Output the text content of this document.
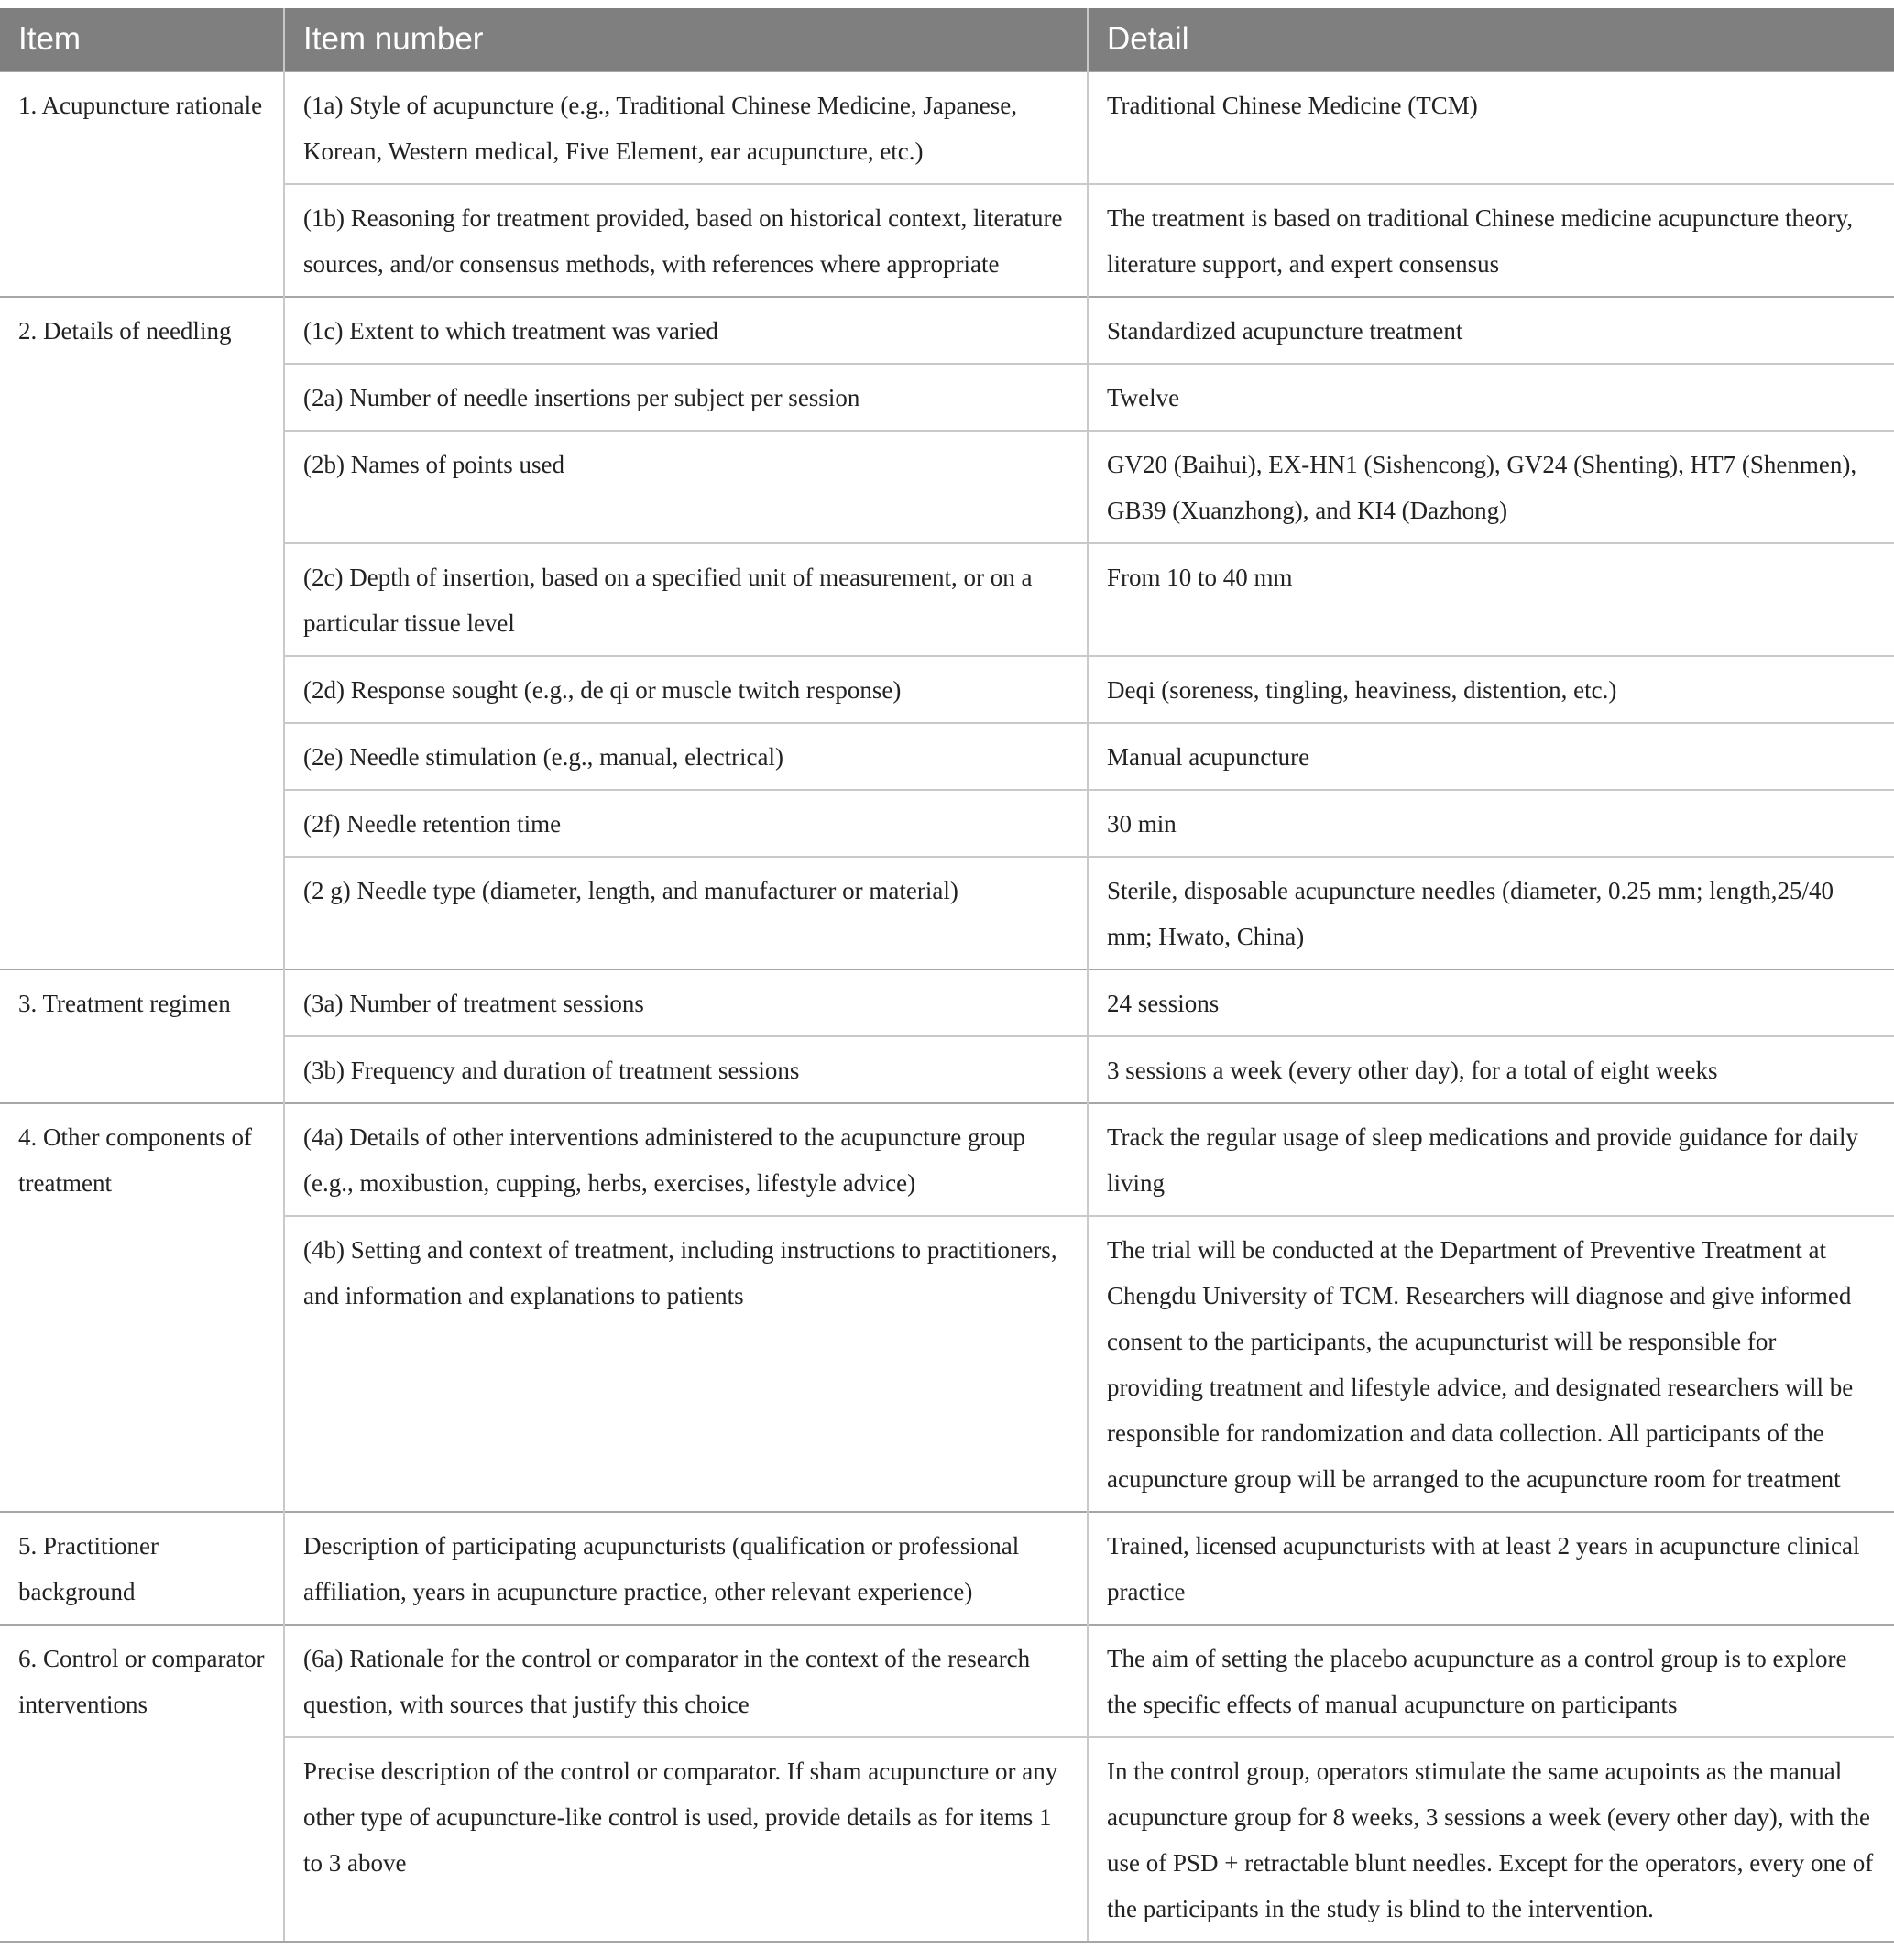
Item	Item number	Detail
1. Acupuncture rationale	(1a) Style of acupuncture (e.g., Traditional Chinese Medicine, Japanese, Korean, Western medical, Five Element, ear acupuncture, etc.)	Traditional Chinese Medicine (TCM)
	(1b) Reasoning for treatment provided, based on historical context, literature sources, and/or consensus methods, with references where appropriate	The treatment is based on traditional Chinese medicine acupuncture theory, literature support, and expert consensus
2. Details of needling	(1c) Extent to which treatment was varied	Standardized acupuncture treatment
	(2a) Number of needle insertions per subject per session	Twelve
	(2b) Names of points used	GV20 (Baihui), EX-HN1 (Sishencong), GV24 (Shenting), HT7 (Shenmen), GB39 (Xuanzhong), and KI4 (Dazhong)
	(2c) Depth of insertion, based on a specified unit of measurement, or on a particular tissue level	From 10 to 40 mm
	(2d) Response sought (e.g., de qi or muscle twitch response)	Deqi (soreness, tingling, heaviness, distention, etc.)
	(2e) Needle stimulation (e.g., manual, electrical)	Manual acupuncture
	(2f) Needle retention time	30 min
	(2 g) Needle type (diameter, length, and manufacturer or material)	Sterile, disposable acupuncture needles (diameter, 0.25 mm; length,25/40 mm; Hwato, China)
3. Treatment regimen	(3a) Number of treatment sessions	24 sessions
	(3b) Frequency and duration of treatment sessions	3 sessions a week (every other day), for a total of eight weeks
4. Other components of treatment	(4a) Details of other interventions administered to the acupuncture group (e.g., moxibustion, cupping, herbs, exercises, lifestyle advice)	Track the regular usage of sleep medications and provide guidance for daily living
	(4b) Setting and context of treatment, including instructions to practitioners, and information and explanations to patients	The trial will be conducted at the Department of Preventive Treatment at Chengdu University of TCM. Researchers will diagnose and give informed consent to the participants, the acupuncturist will be responsible for providing treatment and lifestyle advice, and designated researchers will be responsible for randomization and data collection. All participants of the acupuncture group will be arranged to the acupuncture room for treatment
5. Practitioner background	Description of participating acupuncturists (qualification or professional affiliation, years in acupuncture practice, other relevant experience)	Trained, licensed acupuncturists with at least 2 years in acupuncture clinical practice
6. Control or comparator interventions	(6a) Rationale for the control or comparator in the context of the research question, with sources that justify this choice	The aim of setting the placebo acupuncture as a control group is to explore the specific effects of manual acupuncture on participants
	Precise description of the control or comparator. If sham acupuncture or any other type of acupuncture-like control is used, provide details as for items 1 to 3 above	In the control group, operators stimulate the same acupoints as the manual acupuncture group for 8 weeks, 3 sessions a week (every other day), with the use of PSD + retractable blunt needles. Except for the operators, every one of the participants in the study is blind to the intervention.
